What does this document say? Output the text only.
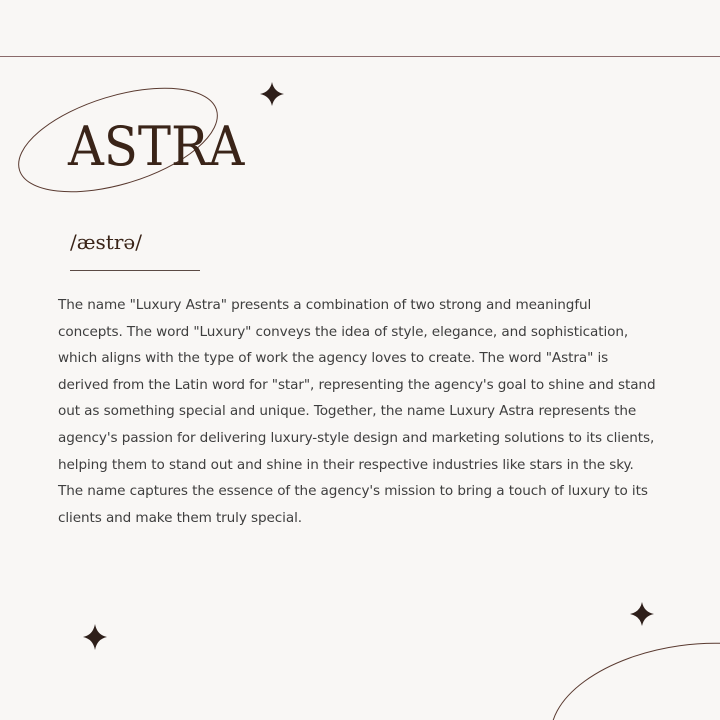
ASTRA

/æstrə/

The name "Luxury Astra" presents a combination of two strong and meaningful concepts. The word "Luxury" conveys the idea of style, elegance, and sophistication, which aligns with the type of work the agency loves to create. The word "Astra" is derived from the Latin word for "star", representing the agency's goal to shine and stand out as something special and unique. Together, the name Luxury Astra represents the agency's passion for delivering luxury-style design and marketing solutions to its clients, helping them to stand out and shine in their respective industries like stars in the sky. The name captures the essence of the agency's mission to bring a touch of luxury to its clients and make them truly special.
